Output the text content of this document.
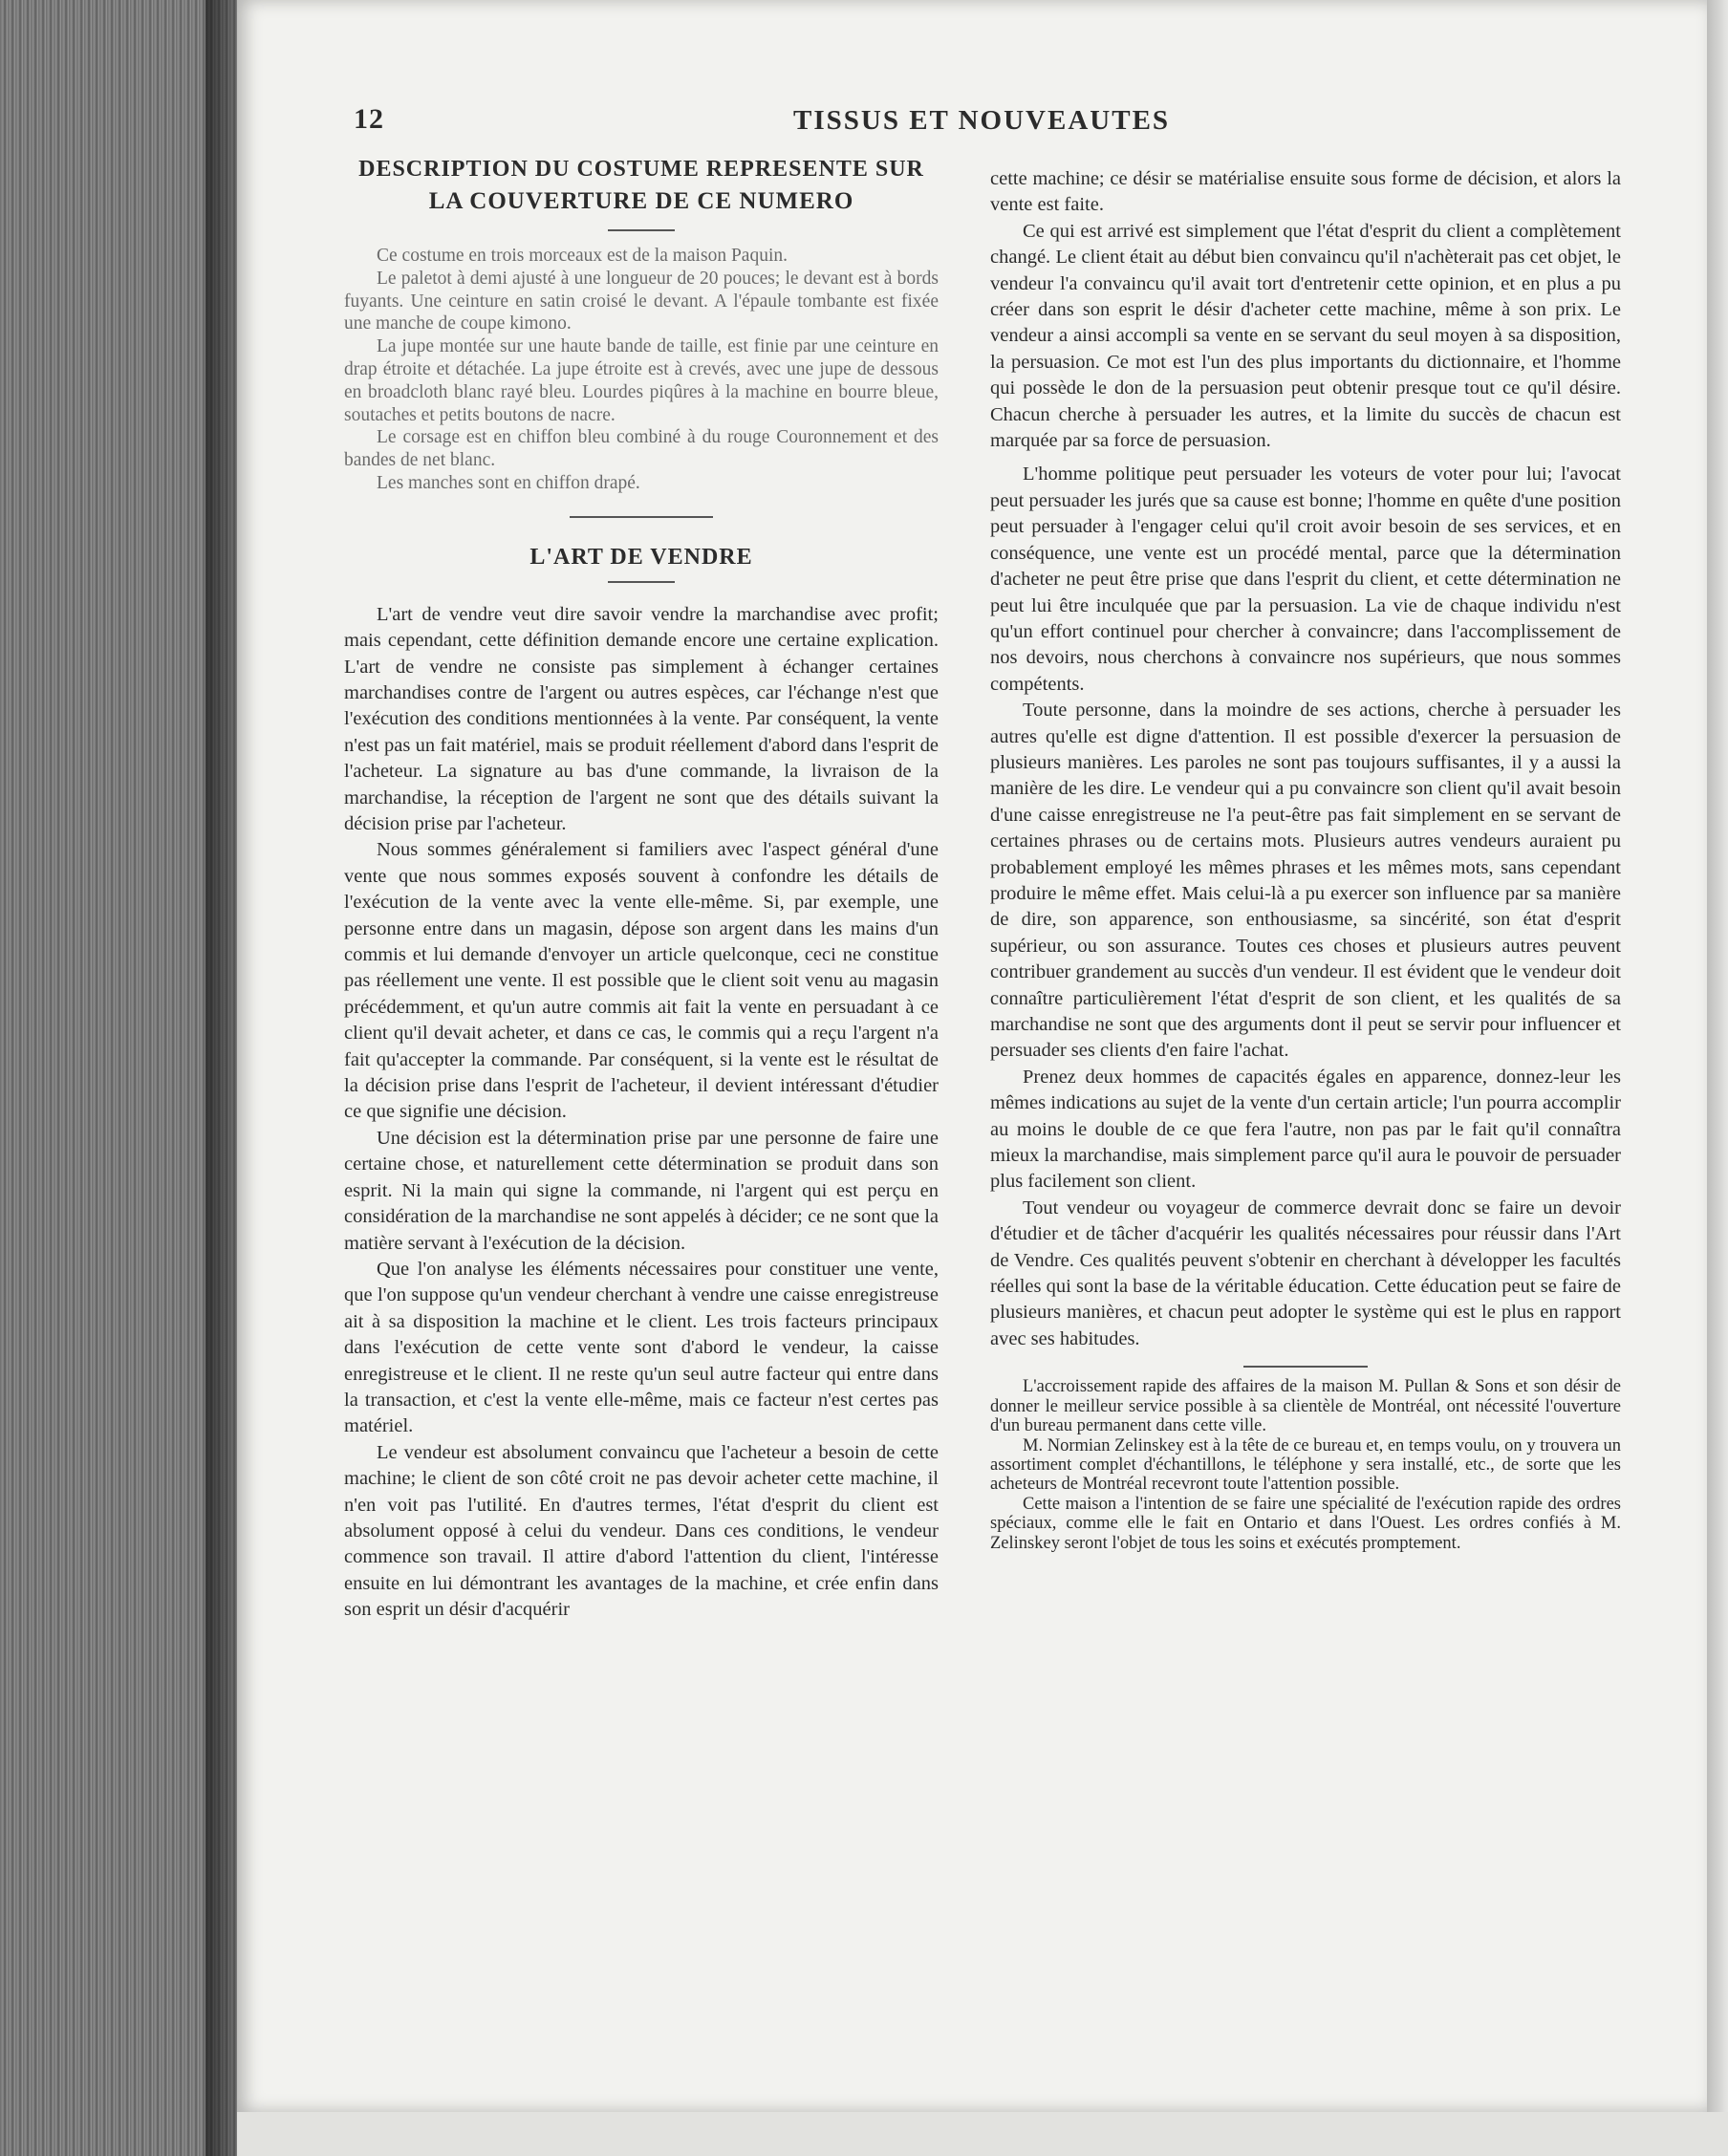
12	TISSUS ET NOUVEAUTES
DESCRIPTION DU COSTUME REPRESENTE SUR
LA COUVERTURE DE CE NUMERO

Ce costume en trois morceaux est de la maison Paquin.

Le paletot à demi ajusté à une longueur de 20 pouces; le devant est à bords fuyants. Une ceinture en satin croisé le devant. A l'épaule tombante est fixée une manche de coupe kimono.

La jupe montée sur une haute bande de taille, est finie par une ceinture en drap étroite et détachée. La jupe étroite est à crevés, avec une jupe de dessous en broadcloth blanc rayé bleu. Lourdes piqûres à la machine en bourre bleue, soutaches et petits boutons de nacre.

Le corsage est en chiffon bleu combiné à du rouge Couronnement et des bandes de net blanc.

Les manches sont en chiffon drapé.

L'ART DE VENDRE

L'art de vendre veut dire savoir vendre la marchandise avec profit; mais cependant, cette définition demande encore une certaine explication. L'art de vendre ne consiste pas simplement à échanger certaines marchandises contre de l'argent ou autres espèces, car l'échange n'est que l'exécution des conditions mentionnées à la vente. Par conséquent, la vente n'est pas un fait matériel, mais se produit réellement d'abord dans l'esprit de l'acheteur. La signature au bas d'une commande, la livraison de la marchandise, la réception de l'argent ne sont que des détails suivant la décision prise par l'acheteur.

Nous sommes généralement si familiers avec l'aspect général d'une vente que nous sommes exposés souvent à confondre les détails de l'exécution de la vente avec la vente elle-même. Si, par exemple, une personne entre dans un magasin, dépose son argent dans les mains d'un commis et lui demande d'envoyer un article quelconque, ceci ne constitue pas réellement une vente. Il est possible que le client soit venu au magasin précédemment, et qu'un autre commis ait fait la vente en persuadant à ce client qu'il devait acheter, et dans ce cas, le commis qui a reçu l'argent n'a fait qu'accepter la commande. Par conséquent, si la vente est le résultat de la décision prise dans l'esprit de l'acheteur, il devient intéressant d'étudier ce que signifie une décision.

Une décision est la détermination prise par une personne de faire une certaine chose, et naturellement cette détermination se produit dans son esprit. Ni la main qui signe la commande, ni l'argent qui est perçu en considération de la marchandise ne sont appelés à décider; ce ne sont que la matière servant à l'exécution de la décision.

Que l'on analyse les éléments nécessaires pour constituer une vente, que l'on suppose qu'un vendeur cherchant à vendre une caisse enregistreuse ait à sa disposition la machine et le client. Les trois facteurs principaux dans l'exécution de cette vente sont d'abord le vendeur, la caisse enregistreuse et le client. Il ne reste qu'un seul autre facteur qui entre dans la transaction, et c'est la vente elle-même, mais ce facteur n'est certes pas matériel.

Le vendeur est absolument convaincu que l'acheteur a besoin de cette machine; le client de son côté croit ne pas devoir acheter cette machine, il n'en voit pas l'utilité. En d'autres termes, l'état d'esprit du client est absolument opposé à celui du vendeur. Dans ces conditions, le vendeur commence son travail. Il attire d'abord l'attention du client, l'intéresse ensuite en lui démontrant les avantages de la machine, et crée enfin dans son esprit un désir d'acquérir

cette machine; ce désir se matérialise ensuite sous forme de décision, et alors la vente est faite.

Ce qui est arrivé est simplement que l'état d'esprit du client a complètement changé. Le client était au début bien convaincu qu'il n'achèterait pas cet objet, le vendeur l'a convaincu qu'il avait tort d'entretenir cette opinion, et en plus a pu créer dans son esprit le désir d'acheter cette machine, même à son prix. Le vendeur a ainsi accompli sa vente en se servant du seul moyen à sa disposition, la persuasion. Ce mot est l'un des plus importants du dictionnaire, et l'homme qui possède le don de la persuasion peut obtenir presque tout ce qu'il désire. Chacun cherche à persuader les autres, et la limite du succès de chacun est marquée par sa force de persuasion.

L'homme politique peut persuader les voteurs de voter pour lui; l'avocat peut persuader les jurés que sa cause est bonne; l'homme en quête d'une position peut persuader à l'engager celui qu'il croit avoir besoin de ses services, et en conséquence, une vente est un procédé mental, parce que la détermination d'acheter ne peut être prise que dans l'esprit du client, et cette détermination ne peut lui être inculquée que par la persuasion. La vie de chaque individu n'est qu'un effort continuel pour chercher à convaincre; dans l'accomplissement de nos devoirs, nous cherchons à convaincre nos supérieurs, que nous sommes compétents.

Toute personne, dans la moindre de ses actions, cherche à persuader les autres qu'elle est digne d'attention. Il est possible d'exercer la persuasion de plusieurs manières. Les paroles ne sont pas toujours suffisantes, il y a aussi la manière de les dire. Le vendeur qui a pu convaincre son client qu'il avait besoin d'une caisse enregistreuse ne l'a peut-être pas fait simplement en se servant de certaines phrases ou de certains mots. Plusieurs autres vendeurs auraient pu probablement employé les mêmes phrases et les mêmes mots, sans cependant produire le même effet. Mais celui-là a pu exercer son influence par sa manière de dire, son apparence, son enthousiasme, sa sincérité, son état d'esprit supérieur, ou son assurance. Toutes ces choses et plusieurs autres peuvent contribuer grandement au succès d'un vendeur. Il est évident que le vendeur doit connaître particulièrement l'état d'esprit de son client, et les qualités de sa marchandise ne sont que des arguments dont il peut se servir pour influencer et persuader ses clients d'en faire l'achat.

Prenez deux hommes de capacités égales en apparence, donnez-leur les mêmes indications au sujet de la vente d'un certain article; l'un pourra accomplir au moins le double de ce que fera l'autre, non pas par le fait qu'il connaîtra mieux la marchandise, mais simplement parce qu'il aura le pouvoir de persuader plus facilement son client.

Tout vendeur ou voyageur de commerce devrait donc se faire un devoir d'étudier et de tâcher d'acquérir les qualités nécessaires pour réussir dans l'Art de Vendre. Ces qualités peuvent s'obtenir en cherchant à développer les facultés réelles qui sont la base de la véritable éducation. Cette éducation peut se faire de plusieurs manières, et chacun peut adopter le système qui est le plus en rapport avec ses habitudes.

L'accroissement rapide des affaires de la maison M. Pullan & Sons et son désir de donner le meilleur service possible à sa clientèle de Montréal, ont nécessité l'ouverture d'un bureau permanent dans cette ville.

M. Normian Zelinskey est à la tête de ce bureau et, en temps voulu, on y trouvera un assortiment complet d'échantillons, le téléphone y sera installé, etc., de sorte que les acheteurs de Montréal recevront toute l'attention possible.

Cette maison a l'intention de se faire une spécialité de l'exécution rapide des ordres spéciaux, comme elle le fait en Ontario et dans l'Ouest. Les ordres confiés à M. Zelinskey seront l'objet de tous les soins et exécutés promptement.
